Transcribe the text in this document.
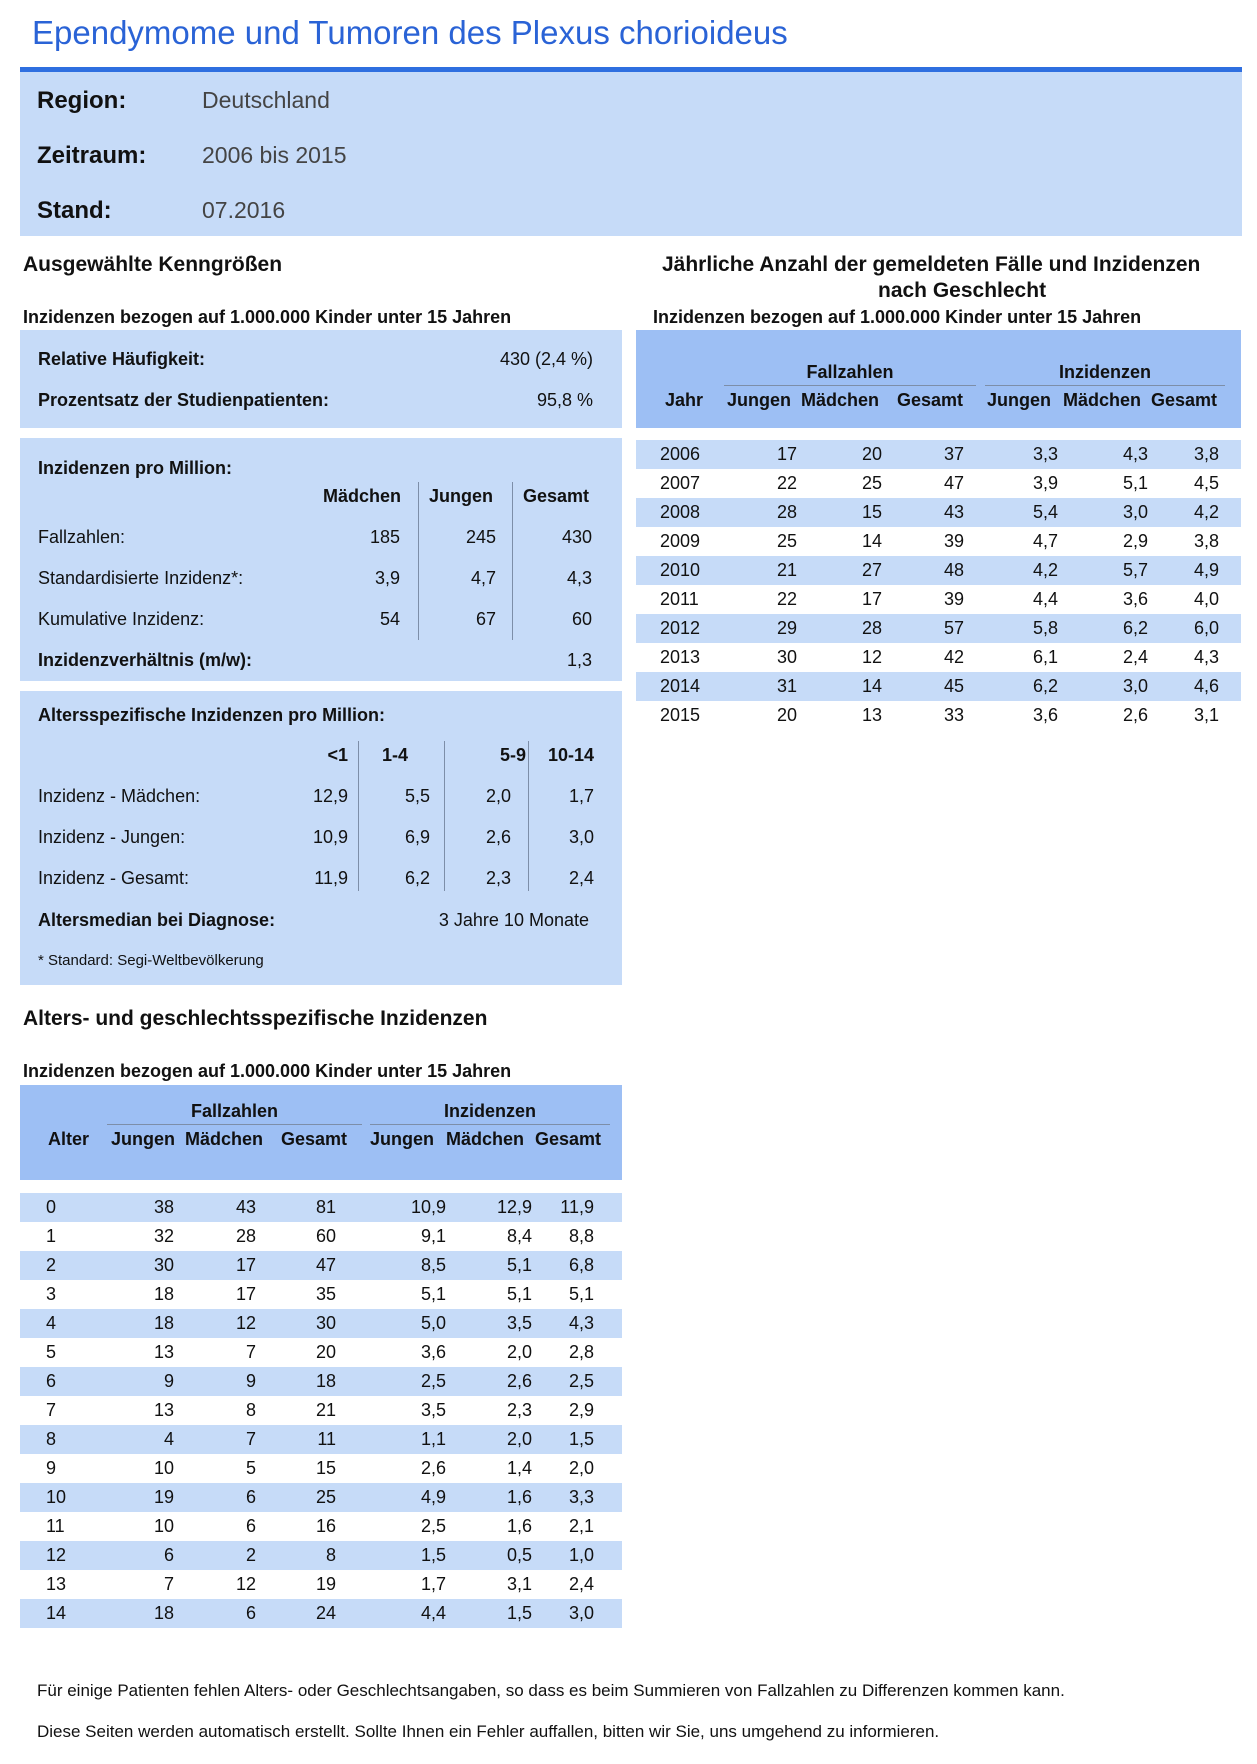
Ependymome und Tumoren des Plexus chorioideus
Region:	Deutschland
Zeitraum: 2006 bis 2015
Stand:	07.2016
Ausgewählte Kenngrößen
Inzidenzen bezogen auf 1.000.000 Kinder unter 15 Jahren
Relative Häufigkeit:	430 (2,4 %)
Prozentsatz der Studienpatienten:	95,8 %
Inzidenzen pro Million:
Mädchen	Jungen	Gesamt
Fallzahlen:	185	245	430
Standardisierte Inzidenz*:	3,9	4,7	4,3
Kumulative Inzidenz:	54	67	60
Inzidenzverhältnis (m/w):	1,3
Altersspezifische Inzidenzen pro Million:
<1	1-4	5-9	10-14
Inzidenz - Mädchen:	12,9	5,5	2,0	1,7
Inzidenz - Jungen:	10,9	6,9	2,6	3,0
Inzidenz - Gesamt:	11,9	6,2	2,3	2,4
Altersmedian bei Diagnose:	3 Jahre 10 Monate
* Standard: Segi-Weltbevölkerung
Alters- und geschlechtsspezifische Inzidenzen
Inzidenzen bezogen auf 1.000.000 Kinder unter 15 Jahren
Fallzahlen	Inzidenzen
Alter Jungen Mädchen Gesamt Jungen Mädchen Gesamt
0	38	43	81	10,9	12,9	11,9
1	32	28	60	9,1	8,4	8,8
2	30	17	47	8,5	5,1	6,8
3	18	17	35	5,1	5,1	5,1
4	18	12	30	5,0	3,5	4,3
5	13	7	20	3,6	2,0	2,8
6	9	9	18	2,5	2,6	2,5
7	13	8	21	3,5	2,3	2,9
8	4	7	11	1,1	2,0	1,5
9	10	5	15	2,6	1,4	2,0
10	19	6	25	4,9	1,6	3,3
11	10	6	16	2,5	1,6	2,1
12	6	2	8	1,5	0,5	1,0
13	7	12	19	1,7	3,1	2,4
14	18	6	24	4,4	1,5	3,0
Jährliche Anzahl der gemeldeten Fälle und Inzidenzen
nach Geschlecht
Inzidenzen bezogen auf 1.000.000 Kinder unter 15 Jahren
Fallzahlen	Inzidenzen
Jahr Jungen Mädchen Gesamt Jungen Mädchen Gesamt
2006	17	20	37	3,3	4,3	3,8
2007	22	25	47	3,9	5,1	4,5
2008	28	15	43	5,4	3,0	4,2
2009	25	14	39	4,7	2,9	3,8
2010	21	27	48	4,2	5,7	4,9
2011	22	17	39	4,4	3,6	4,0
2012	29	28	57	5,8	6,2	6,0
2013	30	12	42	6,1	2,4	4,3
2014	31	14	45	6,2	3,0	4,6
2015	20	13	33	3,6	2,6	3,1
Für einige Patienten fehlen Alters- oder Geschlechtsangaben, so dass es beim Summieren von Fallzahlen zu Differenzen kommen kann.
Diese Seiten werden automatisch erstellt. Sollte Ihnen ein Fehler auffallen, bitten wir Sie, uns umgehend zu informieren.
